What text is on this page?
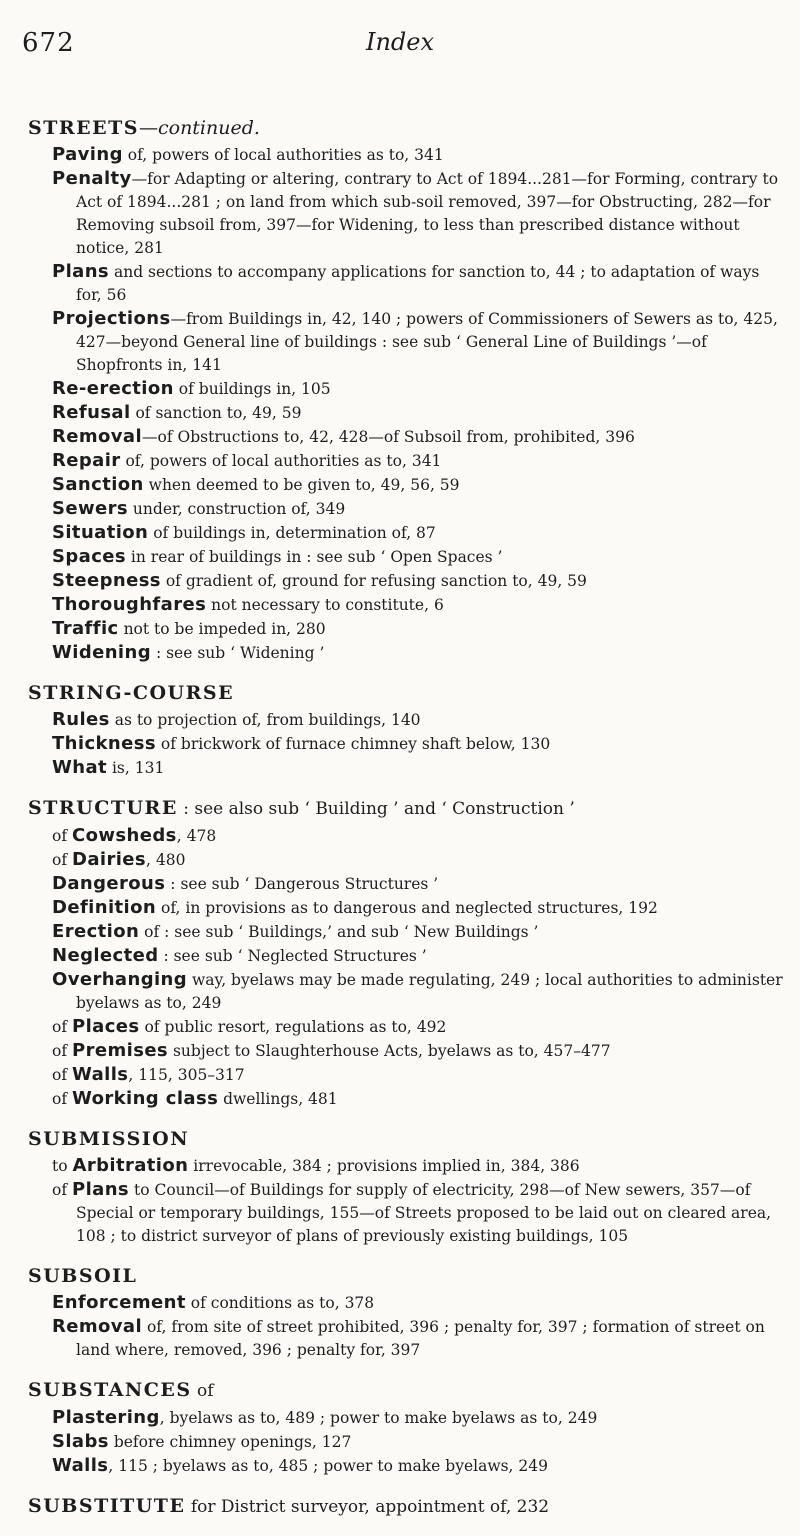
672	Index
STREETS—continued.

Paving of, powers of local authorities as to, 341

Penalty—for Adapting or altering, contrary to Act of 1894...281—for Forming, contrary to Act of 1894...281 ; on land from which sub-soil removed, 397—for Obstructing, 282—for Removing subsoil from, 397—for Widening, to less than prescribed distance without notice, 281

Plans and sections to accompany applications for sanction to, 44 ; to adaptation of ways for, 56

Projections—from Buildings in, 42, 140 ; powers of Commissioners of Sewers as to, 425, 427—beyond General line of buildings : see sub ‘ General Line of Buildings ’—of Shopfronts in, 141

Re-erection of buildings in, 105

Refusal of sanction to, 49, 59

Removal—of Obstructions to, 42, 428—of Subsoil from, prohibited, 396

Repair of, powers of local authorities as to, 341

Sanction when deemed to be given to, 49, 56, 59

Sewers under, construction of, 349

Situation of buildings in, determination of, 87

Spaces in rear of buildings in : see sub ‘ Open Spaces ’

Steepness of gradient of, ground for refusing sanction to, 49, 59

Thoroughfares not necessary to constitute, 6

Traffic not to be impeded in, 280

Widening : see sub ‘ Widening ’

STRING-COURSE

Rules as to projection of, from buildings, 140

Thickness of brickwork of furnace chimney shaft below, 130

What is, 131

STRUCTURE : see also sub ‘ Building ’ and ‘ Construction ’

of Cowsheds, 478

of Dairies, 480

Dangerous : see sub ‘ Dangerous Structures ’

Definition of, in provisions as to dangerous and neglected structures, 192

Erection of : see sub ‘ Buildings,’ and sub ‘ New Buildings ’

Neglected : see sub ‘ Neglected Structures ’

Overhanging way, byelaws may be made regulating, 249 ; local authorities to administer byelaws as to, 249

of Places of public resort, regulations as to, 492

of Premises subject to Slaughterhouse Acts, byelaws as to, 457–477

of Walls, 115, 305–317

of Working class dwellings, 481

SUBMISSION

to Arbitration irrevocable, 384 ; provisions implied in, 384, 386

of Plans to Council—of Buildings for supply of electricity, 298—of New sewers, 357—of Special or temporary buildings, 155—of Streets proposed to be laid out on cleared area, 108 ; to district surveyor of plans of previously existing buildings, 105

SUBSOIL

Enforcement of conditions as to, 378

Removal of, from site of street prohibited, 396 ; penalty for, 397 ; formation of street on land where, removed, 396 ; penalty for, 397

SUBSTANCES of

Plastering, byelaws as to, 489 ; power to make byelaws as to, 249

Slabs before chimney openings, 127

Walls, 115 ; byelaws as to, 485 ; power to make byelaws, 249

SUBSTITUTE for District surveyor, appointment of, 232
